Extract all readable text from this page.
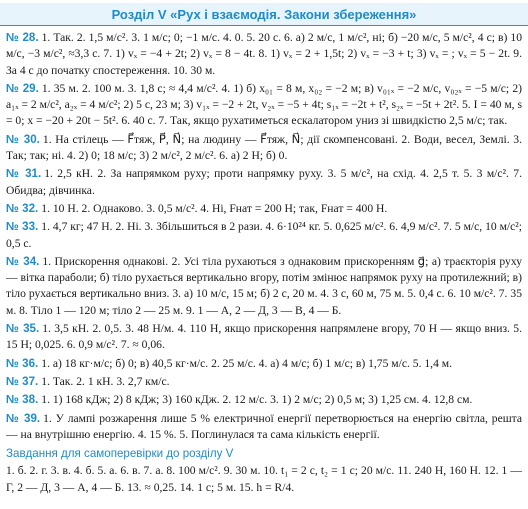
Розділ V «Рух і взаємодія. Закони збереження»

№ 28. 1. Так. 2. 1,5 м/с². 3. 1 м/с; 0; −1 м/с. 4. 0. 5. 20 с. 6. а) 2 м/с, 1 м/с², ні; б) −20 м/с, 5 м/с², 4 с; в) 10 м/с, −3 м/с², ≈3,3 с. 7. 1) vₓ = −4 + 2t; 2) vₓ = 8 − 4t. 8. 1) vₓ = 2 + 1,5t; 2) vₓ = −3 + t; 3) vₓ = ; vₓ = 5 − 2t. 9. За 4 с до початку спостереження. 10. 30 м.

№ 29. 1. 35 м. 2. 100 м. 3. 1,8 с; ≈ 4,4 м/с². 4. 1) б) x₀₁ = 8 м, x₀₂ = −2 м; в) v₀₁ₓ = −2 м/с, v₀₂ₓ = −5 м/с; 2) a₁ₓ = 2 м/с², a₂ₓ = 4 м/с²; 2) 5 с, 23 м; 3) v₁ₓ = −2 + 2t, v₂ₓ = −5 + 4t; s₁ₓ = −2t + t², s₂ₓ = −5t + 2t². 5. I = 40 м, s = 0; x = −20 + 20t − 5t². 6. 40 с. 7. Так, якщо рухатиметься ескалатором униз зі швидкістю 2,5 м/с; так.

№ 30. 1. На стілець — F⃗тяж, P⃗, N⃗; на людину — F⃗тяж, N⃗; дії скомпенсовані. 2. Води, весел, Землі. 3. Так; так; ні. 4. 2) 0; 18 м/с; 3) 2 м/с², 2 м/с². 6. а) 2 Н; б) 0.

№ 31. 1. 2,5 кН. 2. За напрямком руху; проти напрямку руху. 3. 5 м/с², на схід. 4. 2,5 т. 5. 3 м/с². 7. Обидва; дівчинка.

№ 32. 1. 10 Н. 2. Однаково. 3. 0,5 м/с². 4. Ні, Fнат = 200 Н; так, Fнат = 400 Н.

№ 33. 1. 4,7 кг; 47 Н. 2. Ні. 3. Збільшиться в 2 рази. 4. 6·10²⁴ кг. 5. 0,625 м/с². 6. 4,9 м/с². 7. 5 м/с, 10 м/с²; 0,5 с.

№ 34. 1. Прискорення однакові. 2. Усі тіла рухаються з однаковим прискоренням g⃗; а) траєкторія руху — вітка параболи; б) тіло рухається вертикально вгору, потім змінює напрямок руху на протилежний; в) тіло рухається вертикально вниз. 3. а) 10 м/с, 15 м; б) 2 с, 20 м. 4. 3 с, 60 м, 75 м. 5. 0,4 с. 6. 10 м/с². 7. 35 м. 8. Тіло 1 — 120 м; тіло 2 — 25 м. 9. 1 — А, 2 — Д, 3 — В, 4 — Б.

№ 35. 1. 3,5 кН. 2. 0,5. 3. 48 Н/м. 4. 110 Н, якщо прискорення напрямлене вгору, 70 Н — якщо вниз. 5. 15 Н; 0,025. 6. 0,9 м/с². 7. ≈ 0,06.

№ 36. 1. а) 18 кг·м/с; б) 0; в) 40,5 кг·м/с. 2. 25 м/с. 4. а) 4 м/с; б) 1 м/с; в) 1,75 м/с. 5. 1,4 м.

№ 37. 1. Так. 2. 1 кН. 3. 2,7 км/с.

№ 38. 1. 1) 168 кДж; 2) 8 кДж; 3) 160 кДж. 2. 12 м/с. 3. 1) 2 м/с; 2) 0,5 м; 3) 1,25 см. 4. 12,8 см.

№ 39. 1. У лампі розжарення лише 5 % електричної енергії перетворюється на енергію світла, решта — на внутрішню енергію. 4. 15 %. 5. Поглинулася та сама кількість енергії.

Завдання для самоперевірки до розділу V

1. б. 2. г. 3. в. 4. б. 5. а. 6. в. 7. а. 8. 100 м/с². 9. 30 м. 10. t₁ = 2 с, t₂ = 1 с; 20 м/с. 11. 240 Н, 160 Н. 12. 1 — Г, 2 — Д, 3 — А, 4 — Б. 13. ≈ 0,25. 14. 1 с; 5 м. 15. h = R/4.
